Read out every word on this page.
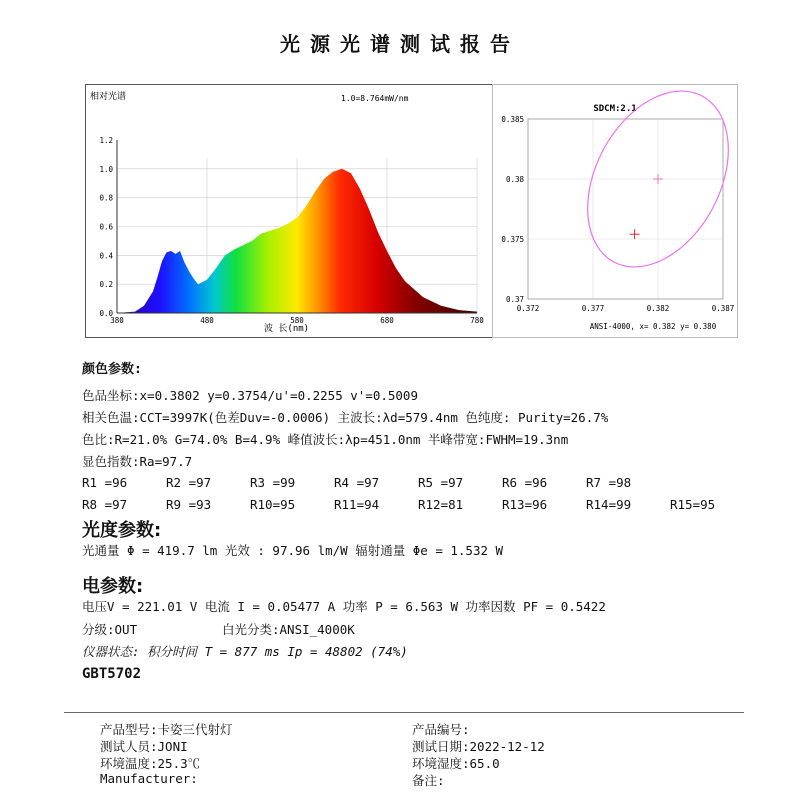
光源光谱测试报告
相对光谱	1.0=8.764mW/nm
0.0
0.2
0.4
0.6
0.8
1.0
1.2
380	480	580	680	780
波 长(nm)
SDCM:2.1
0.372	0.377	0.382	0.387
0.385
0.38
0.375
0.37
ANSI-4000, x= 0.382 y= 0.380
颜色参数:
色品坐标:x=0.3802 y=0.3754/u'=0.2255 v'=0.5009
相关色温:CCT=3997K(色差Duv=-0.0006) 主波长:λd=579.4nm 色纯度: Purity=26.7%
色比:R=21.0% G=74.0% B=4.9% 峰值波长:λp=451.0nm 半峰带宽:FWHM=19.3nm
显色指数:Ra=97.7
R1 =96	R2 =97	R3 =99	R4 =97	R5 =97	R6 =96	R7 =98
R8 =97	R9 =93	R10=95	R11=94	R12=81	R13=96	R14=99	R15=95
光度参数:
光通量 Φ = 419.7 lm 光效 : 97.96 lm/W 辐射通量 Φe = 1.532 W
电参数:
电压V = 221.01 V 电流 I = 0.05477 A 功率 P = 6.563 W 功率因数 PF = 0.5422
分级:OUT	白光分类:ANSI_4000K
仪器状态: 积分时间 T = 877 ms Ip = 48802 (74%)
GBT5702
产品型号:卡姿三代射灯	产品编号:
测试人员:JONI	测试日期:2022-12-12
环境温度:25.3℃	环境湿度:65.0
Manufacturer:	备注:
